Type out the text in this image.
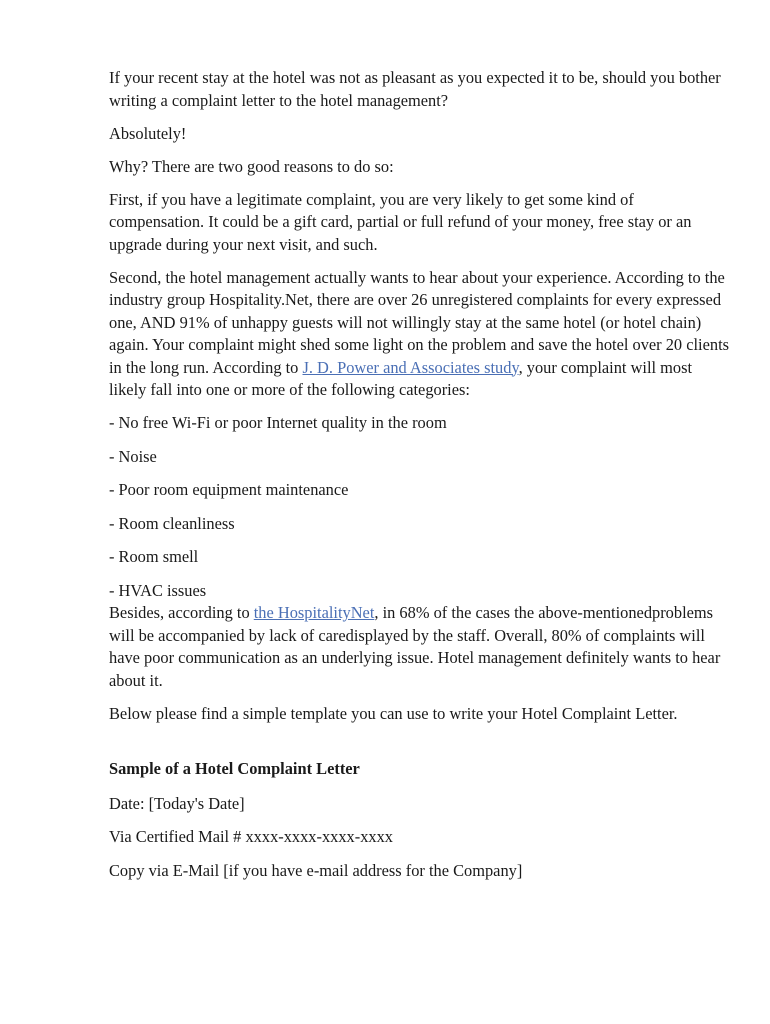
If your recent stay at the hotel was not as pleasant as you expected it to be, should you bother writing a complaint letter to the hotel management?

Absolutely!

Why? There are two good reasons to do so:

First, if you have a legitimate complaint, you are very likely to get some kind of compensation. It could be a gift card, partial or full refund of your money, free stay or an upgrade during your next visit, and such.

Second, the hotel management actually wants to hear about your experience. According to the industry group Hospitality.Net, there are over 26 unregistered complaints for every expressed one, AND 91% of unhappy guests will not willingly stay at the same hotel (or hotel chain) again. Your complaint might shed some light on the problem and save the hotel over 20 clients in the long run. According to J. D. Power and Associates study, your complaint will most likely fall into one or more of the following categories:

- No free Wi-Fi or poor Internet quality in the room
- Noise
- Poor room equipment maintenance
- Room cleanliness
- Room smell
- HVAC issues

Besides, according to the HospitalityNet, in 68% of the cases the above-mentionedproblems will be accompanied by lack of caredisplayed by the staff. Overall, 80% of complaints will have poor communication as an underlying issue. Hotel management definitely wants to hear about it.

Below please find a simple template you can use to write your Hotel Complaint Letter.

Sample of a Hotel Complaint Letter
Date: [Today's Date]
Via Certified Mail # xxxx-xxxx-xxxx-xxxx
Copy via E-Mail [if you have e-mail address for the Company]
